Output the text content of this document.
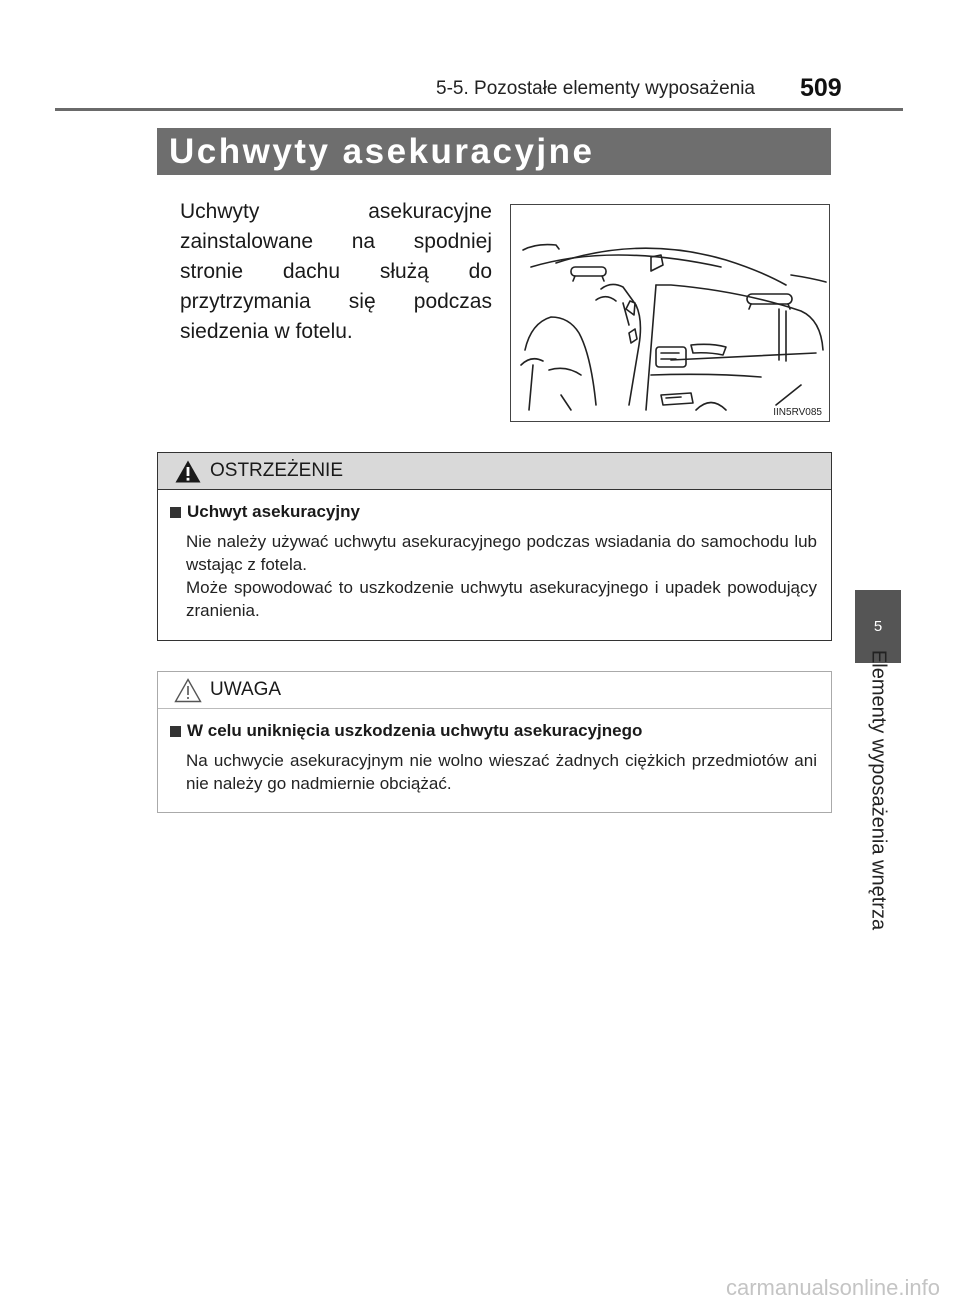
5-5. Pozostałe elementy wyposażenia 509
5
Elementy wyposażenia wnętrza
Uchwyty asekuracyjne
Uchwyty asekuracyjne zainstalowane na spodniej stronie dachu służą do przytrzymania się podczas siedzenia w fotelu.
IIN5RV085
OSTRZEŻENIE
Uchwyt asekuracyjny

Nie należy używać uchwytu asekuracyjnego podczas wsiadania do samochodu lub wstając z fotela.

Może spowodować to uszkodzenie uchwytu asekuracyjnego i upadek powodujący zranienia.

UWAGA
W celu uniknięcia uszkodzenia uchwytu asekuracyjnego

Na uchwycie asekuracyjnym nie wolno wieszać żadnych ciężkich przedmiotów ani nie należy go nadmiernie obciążać.

carmanualsonline.info
